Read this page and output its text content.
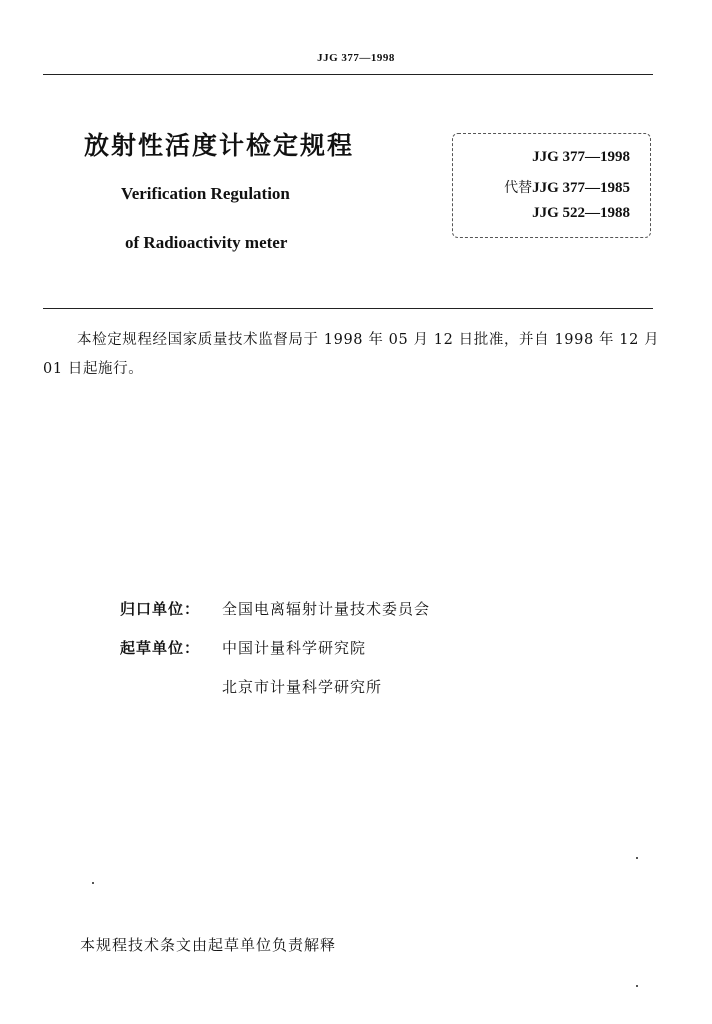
JJG 377—1998
放射性活度计检定规程
Verification Regulation
of Radioactivity meter
JJG 377—1998
代替JJG 377—1985
JJG 522—1988
本检定规程经国家质量技术监督局于 1998 年 05 月 12 日批准，并自 1998 年 12 月 01 日起施行。
归口单位： 全国电离辐射计量技术委员会
起草单位： 中国计量科学研究院
北京市计量科学研究所
本规程技术条文由起草单位负责解释
